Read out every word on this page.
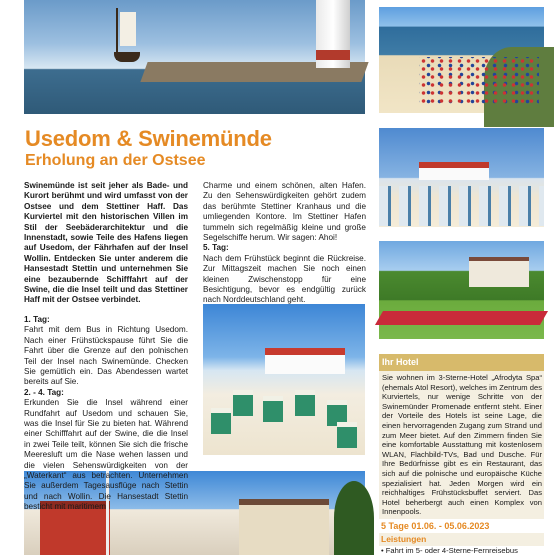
Usedom & Swinemünde
Erholung an der Ostsee

Swinemünde ist seit jeher als Bade- und Kurort berühmt und wird umfasst von der Ostsee und dem Stettiner Haff. Das Kurviertel mit den historischen Villen im Stil der Seebäderarchitektur und die Innenstadt, sowie Teile des Hafens liegen auf Usedom, der Fährhafen auf der Insel Wollin. Entdecken Sie unter anderem die Hansestadt Stettin und unternehmen Sie eine bezaubernde Schifffahrt auf der Swine, die die Insel teilt und das Stettiner Haff mit der Ostsee verbindet.

1. Tag:

Fahrt mit dem Bus in Richtung Usedom. Nach einer Frühstückspause führt Sie die Fahrt über die Grenze auf den polnischen Teil der Insel nach Swinemünde. Checken Sie gemütlich ein. Das Abendessen wartet bereits auf Sie.

2. - 4. Tag:

Erkunden Sie die Insel während einer Rundfahrt auf Usedom und schauen Sie, was die Insel für Sie zu bieten hat. Während einer Schifffahrt auf der Swine, die die Insel in zwei Teile teilt, können Sie sich die frische Meeresluft um die Nase wehen lassen und die vielen Sehenswürdigkeiten von der „Waterkant“ aus betrachten. Unternehmen Sie außerdem Tagesausflüge nach Stettin und nach Wollin. Die Hansestadt Stettin besticht mit maritimem

Charme und einem schönen, alten Hafen. Zu den Sehenswürdigkeiten gehört zudem das berühmte Stettiner Kranhaus und die umliegenden Kontore. Im Stettiner Hafen tummeln sich regelmäßig kleine und große Segelschiffe herum. Wir sagen: Ahoi!

5. Tag:

Nach dem Frühstück beginnt die Rückreise. Zur Mittagszeit machen Sie noch einen kleinen Zwischenstopp für eine Besichtigung, bevor es endgültig zurück nach Norddeutschland geht.

Ihr Hotel
Sie wohnen im 3-Sterne-Hotel „Afrodyta Spa“ (ehemals Atol Resort), welches im Zentrum des Kurviertels, nur wenige Schritte von der Swinemünder Promenade entfernt steht. Einer der Vorteile des Hotels ist seine Lage, die einen hervorragenden Zugang zum Strand und zum Meer bietet. Auf den Zimmern finden Sie eine komfortable Ausstattung mit kostenlosem WLAN, Flachbild-TVs, Bad und Dusche. Für Ihre Bedürfnisse gibt es ein Restaurant, das sich auf die polnische und europäische Küche spezialisiert hat. Jeden Morgen wird ein reichhaltiges Frühstücksbuffet serviert. Das Hotel beherbergt auch einen Komplex von Innenpools.
5 Tage 01.06. - 05.06.2023
Leistungen
• Fahrt im 5- oder 4-Sterne-Fernreisebus
